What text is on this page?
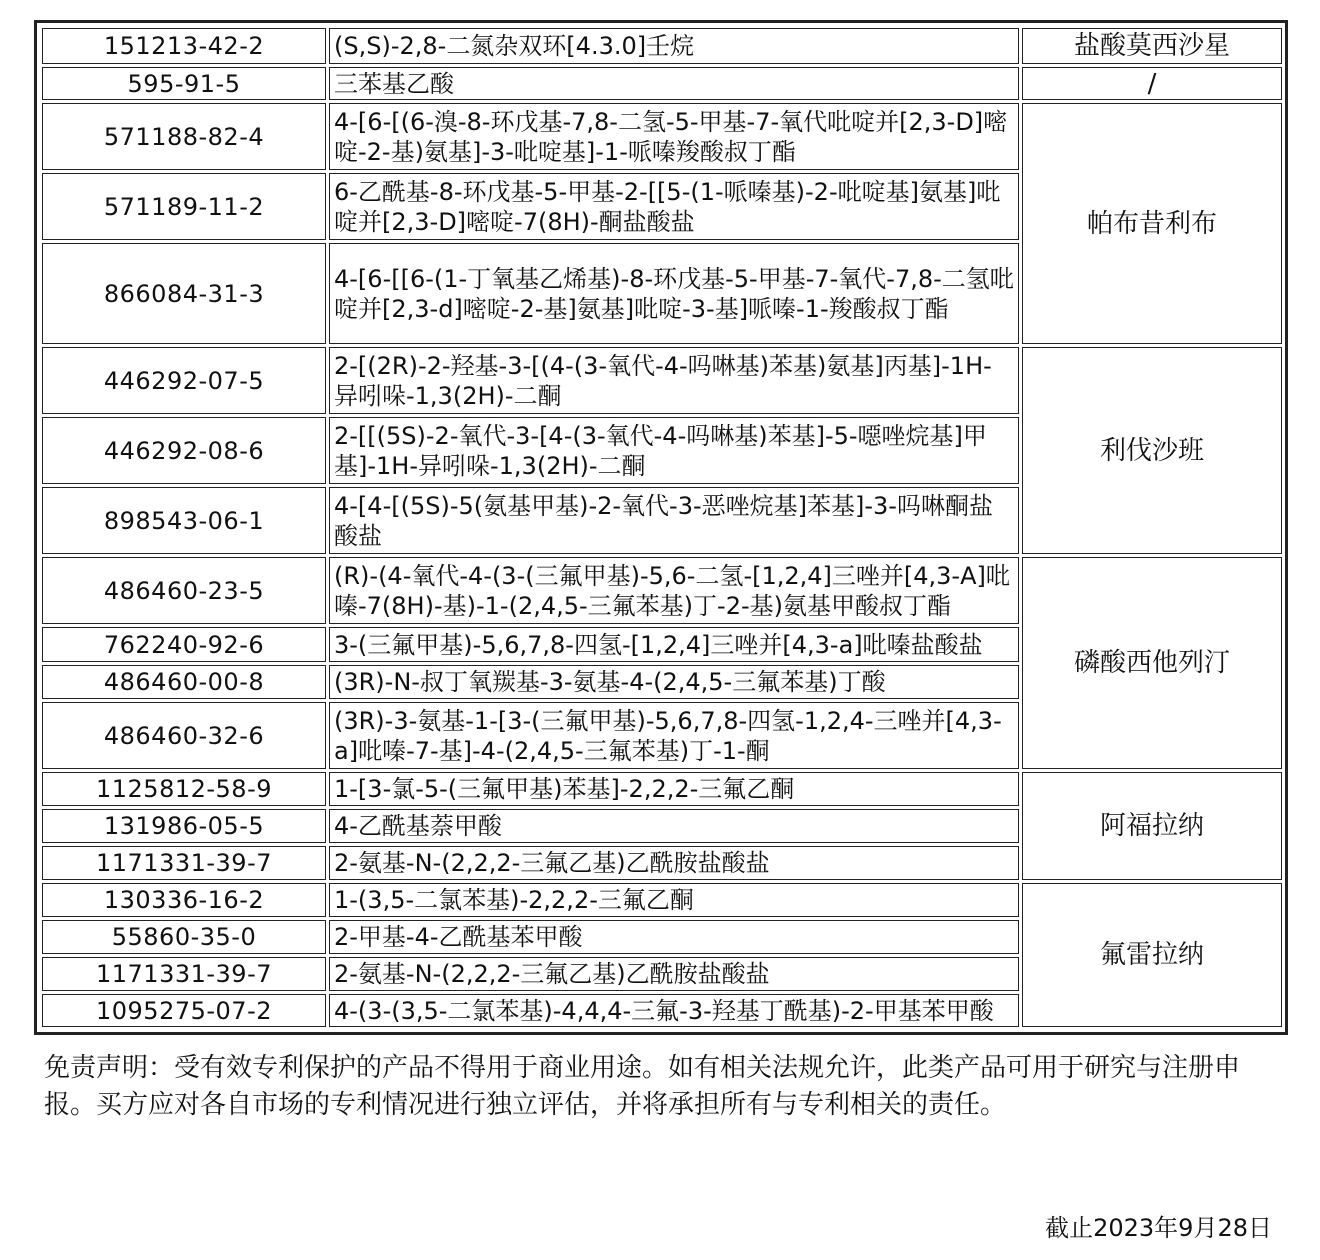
151213-42-2	(S,S)-2,8-二氮杂双环[4.3.0]壬烷	盐酸莫西沙星
595-91-5	三苯基乙酸	/
571188-82-4	4-[6-[(6-溴-8-环戊基-7,8-二氢-5-甲基-7-氧代吡啶并[2,3-D]嘧啶-2-基)氨基]-3-吡啶基]-1-哌嗪羧酸叔丁酯	帕布昔利布
571189-11-2	6-乙酰基-8-环戊基-5-甲基-2-[[5-(1-哌嗪基)-2-吡啶基]氨基]吡啶并[2,3-D]嘧啶-7(8H)-酮盐酸盐	

866084-31-3	4-[6-[[6-(1-丁氧基乙烯基)-8-环戊基-5-甲基-7-氧代-7,8-二氢吡啶并[2,3-d]嘧啶-2-基]氨基]吡啶-3-基]哌嗪-1-羧酸叔丁酯	

446292-07-5	2-[(2R)-2-羟基-3-[(4-(3-氧代-4-吗啉基)苯基)氨基]丙基]-1H-异吲哚-1,3(2H)-二酮	利伐沙班
446292-08-6	2-[[(5S)-2-氧代-3-[4-(3-氧代-4-吗啉基)苯基]-5-噁唑烷基]甲基]-1H-异吲哚-1,3(2H)-二酮	

898543-06-1	4-[4-[(5S)-5(氨基甲基)-2-氧代-3-恶唑烷基]苯基]-3-吗啉酮盐酸盐	

486460-23-5	(R)-(4-氧代-4-(3-(三氟甲基)-5,6-二氢-[1,2,4]三唑并[4,3-A]吡嗪-7(8H)-基)-1-(2,4,5-三氟苯基)丁-2-基)氨基甲酸叔丁酯	磷酸西他列汀
762240-92-6	3-(三氟甲基)-5,6,7,8-四氢-[1,2,4]三唑并[4,3-a]吡嗪盐酸盐	

486460-00-8	(3R)-N-叔丁氧羰基-3-氨基-4-(2,4,5-三氟苯基)丁酸	

486460-32-6	(3R)-3-氨基-1-[3-(三氟甲基)-5,6,7,8-四氢-1,2,4-三唑并[4,3-a]吡嗪-7-基]-4-(2,4,5-三氟苯基)丁-1-酮	

1125812-58-9	1-[3-氯-5-(三氟甲基)苯基]-2,2,2-三氟乙酮	阿福拉纳
131986-05-5	4-乙酰基萘甲酸	

1171331-39-7	2-氨基-N-(2,2,2-三氟乙基)乙酰胺盐酸盐	

130336-16-2	1-(3,5-二氯苯基)-2,2,2-三氟乙酮	氟雷拉纳
55860-35-0	2-甲基-4-乙酰基苯甲酸	

1171331-39-7	2-氨基-N-(2,2,2-三氟乙基)乙酰胺盐酸盐	

1095275-07-2	4-(3-(3,5-二氯苯基)-4,4,4-三氟-3-羟基丁酰基)-2-甲基苯甲酸	
免责声明：受有效专利保护的产品不得用于商业用途。如有相关法规允许，此类产品可用于研究与注册申报。买方应对各自市场的专利情况进行独立评估，并将承担所有与专利相关的责任。
截止2023年9月28日
